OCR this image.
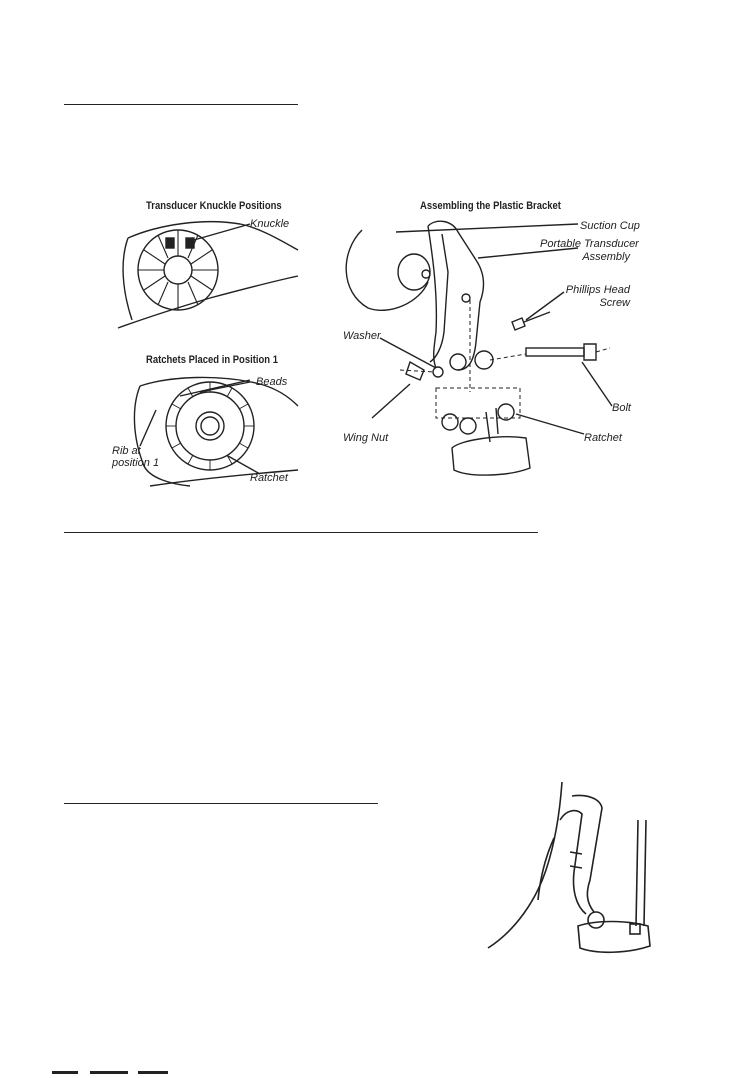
Transducer Knuckle Positions
Knuckle
Ratchets Placed in Position 1
Beads
Rib at
position 1
Ratchet
Assembling the Plastic Bracket
Suction Cup
Portable Transducer
Assembly
Phillips Head
Screw
Washer
Bolt
Wing Nut	Ratchet
